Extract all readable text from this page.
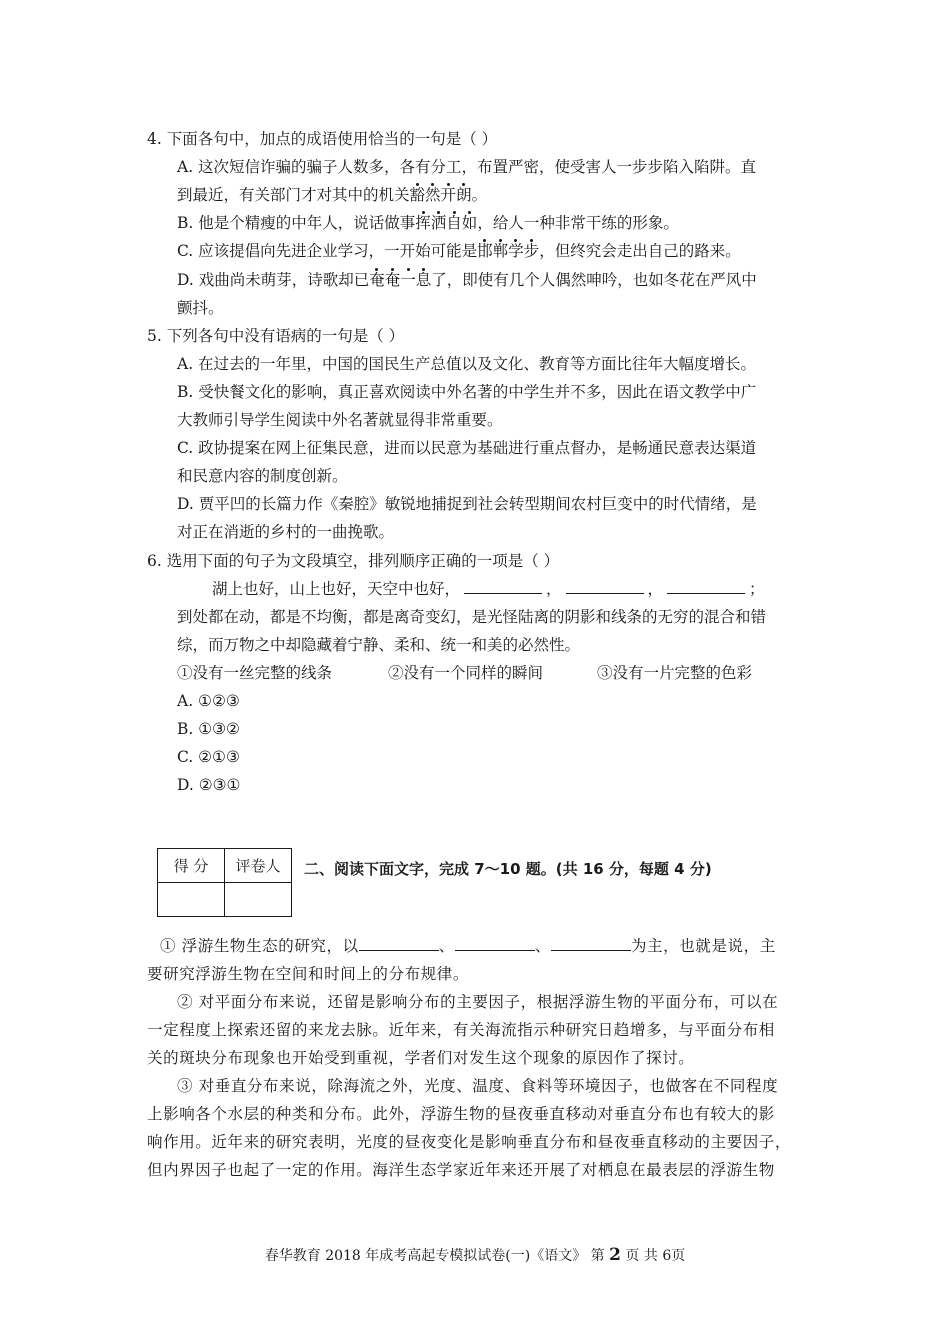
4. 下面各句中，加点的成语使用恰当的一句是（ ）
A. 这次短信诈骗的骗子人数多，各有分工，布置严密，使受害人一步步陷入陷阱。直
到最近，有关部门才对其中的机关豁然开朗。
B. 他是个精瘦的中年人，说话做事挥洒自如，给人一种非常干练的形象。
C. 应该提倡向先进企业学习，一开始可能是邯郸学步，但终究会走出自己的路来。
D. 戏曲尚未萌芽，诗歌却已奄奄一息了，即使有几个人偶然呻吟，也如冬花在严风中
颤抖。
5. 下列各句中没有语病的一句是（ ）
A. 在过去的一年里，中国的国民生产总值以及文化、教育等方面比往年大幅度增长。
B. 受快餐文化的影响，真正喜欢阅读中外名著的中学生并不多，因此在语文教学中广
大教师引导学生阅读中外名著就显得非常重要。
C. 政协提案在网上征集民意，进而以民意为基础进行重点督办，是畅通民意表达渠道
和民意内容的制度创新。
D. 贾平凹的长篇力作《秦腔》敏锐地捕捉到社会转型期间农村巨变中的时代情绪，是
对正在消逝的乡村的一曲挽歌。
6. 选用下面的句子为文段填空，排列顺序正确的一项是（ ）
湖上也好，山上也好，天空中也好，	，	，	；
到处都在动，都是不均衡，都是离奇变幻，是光怪陆离的阴影和线条的无穷的混合和错
综，而万物之中却隐藏着宁静、柔和、统一和美的必然性。
①没有一丝完整的线条	②没有一个同样的瞬间	③没有一片完整的色彩
A. ①②③
B. ①③②
C. ②①③
D. ②③①
得 分	评卷人
	二、阅读下面文字，完成 7～10 题。(共 16 分，每题 4 分)
① 浮游生物生态的研究，以	、	、	为主，也就是说，主
要研究浮游生物在空间和时间上的分布规律。
② 对平面分布来说，还留是影响分布的主要因子，根据浮游生物的平面分布，可以在
一定程度上探索还留的来龙去脉。近年来，有关海流指示种研究日趋增多，与平面分布相
关的斑块分布现象也开始受到重视，学者们对发生这个现象的原因作了探讨。
③ 对垂直分布来说，除海流之外，光度、温度、食料等环境因子，也做客在不同程度
上影响各个水层的种类和分布。此外，浮游生物的昼夜垂直移动对垂直分布也有较大的影
响作用。近年来的研究表明，光度的昼夜变化是影响垂直分布和昼夜垂直移动的主要因子，
但内界因子也起了一定的作用。海洋生态学家近年来还开展了对栖息在最表层的浮游生物
春华教育 2018 年成考高起专模拟试卷(一)《语文》 第 2 页 共 6页
